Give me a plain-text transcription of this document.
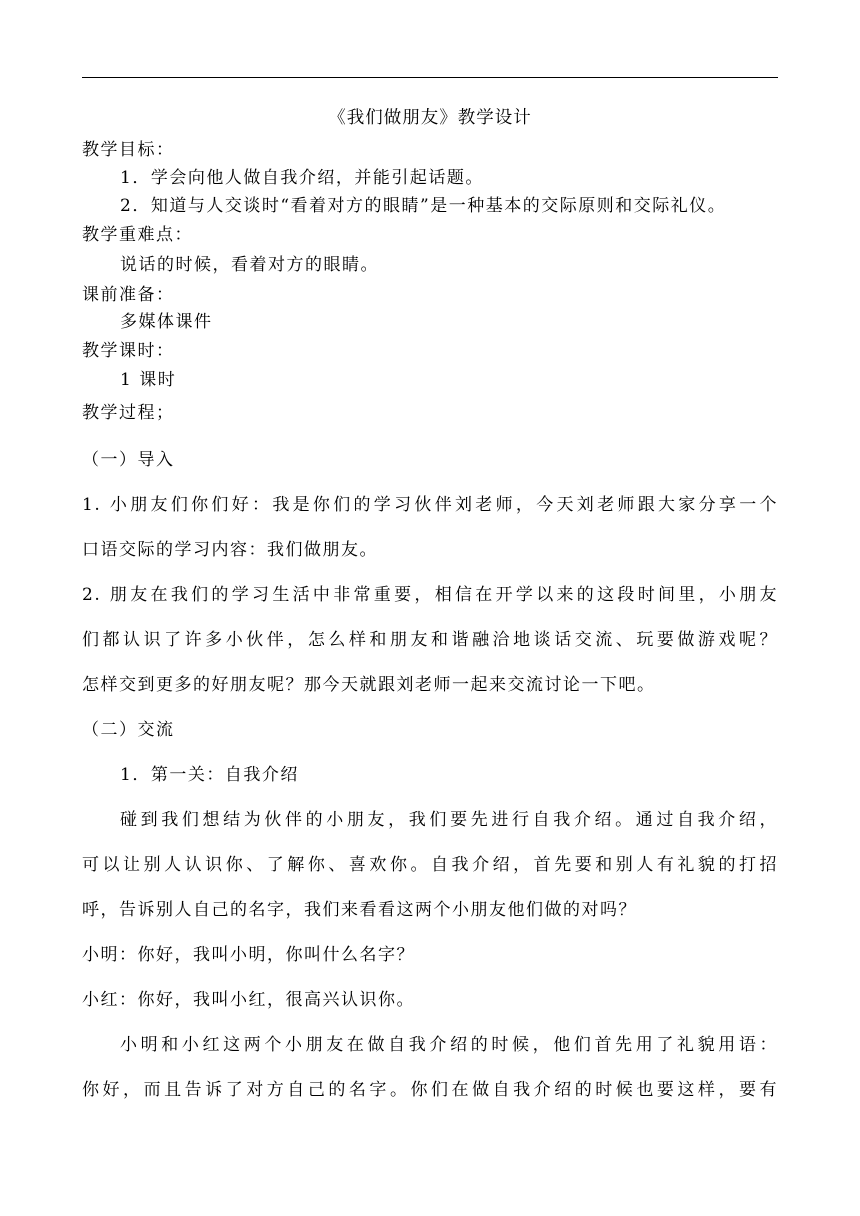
《我们做朋友》教学设计
教学目标：
1．学会向他人做自我介绍，并能引起话题。
2．知道与人交谈时“看着对方的眼睛”是一种基本的交际原则和交际礼仪。
教学重难点：
说话的时候，看着对方的眼睛。
课前准备：
多媒体课件
教学课时：
1 课时
教学过程；
（一）导入
1. 小朋友们你们好：我是你们的学习伙伴刘老师，今天刘老师跟大家分享一个
口语交际的学习内容：我们做朋友。
2. 朋友在我们的学习生活中非常重要，相信在开学以来的这段时间里，小朋友
们都认识了许多小伙伴，怎么样和朋友和谐融洽地谈话交流、玩要做游戏呢？
怎样交到更多的好朋友呢？那今天就跟刘老师一起来交流讨论一下吧。
（二）交流
1．第一关：自我介绍
碰到我们想结为伙伴的小朋友，我们要先进行自我介绍。通过自我介绍，
可以让别人认识你、了解你、喜欢你。自我介绍，首先要和别人有礼貌的打招
呼，告诉别人自己的名字，我们来看看这两个小朋友他们做的对吗？
小明：你好，我叫小明，你叫什么名字？
小红：你好，我叫小红，很高兴认识你。
小明和小红这两个小朋友在做自我介绍的时候，他们首先用了礼貌用语：
你好，而且告诉了对方自己的名字。你们在做自我介绍的时候也要这样，要有
